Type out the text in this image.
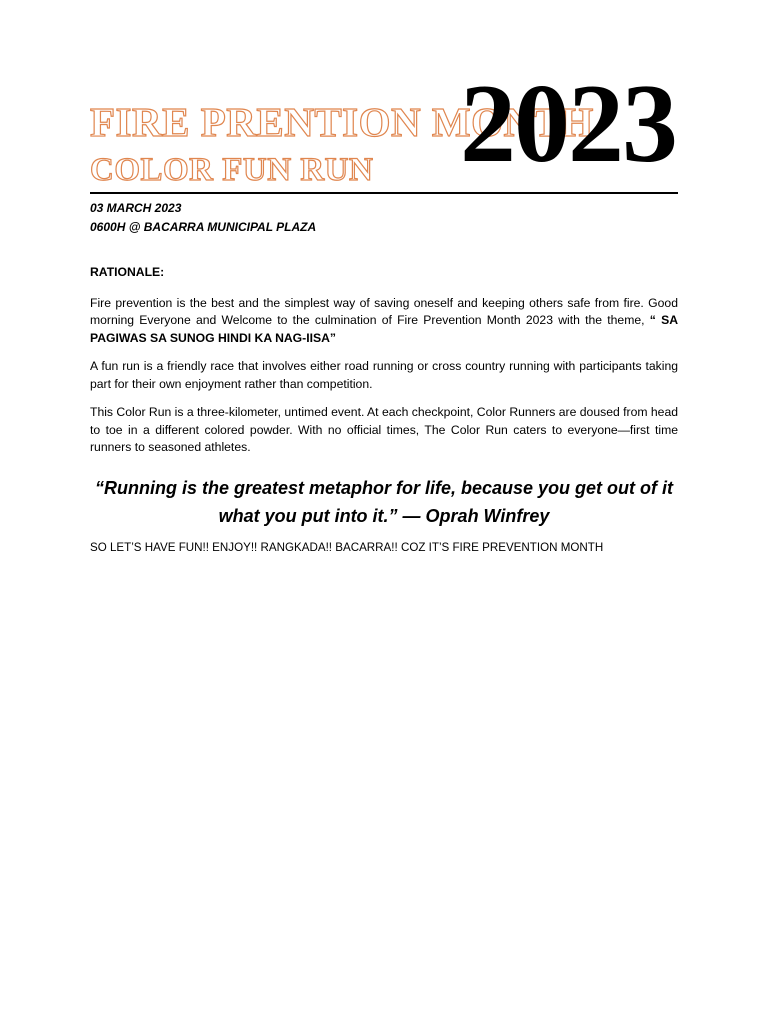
FIRE PRENTION MONTH
COLOR FUN RUN 2023
03 MARCH 2023
0600H @ BACARRA MUNICIPAL PLAZA

RATIONALE:

Fire prevention is the best and the simplest way of saving oneself and keeping others safe from fire. Good morning Everyone and Welcome to the culmination of Fire Prevention Month 2023 with the theme, “ SA PAGIWAS SA SUNOG HINDI KA NAG-IISA”

A fun run is a friendly race that involves either road running or cross country running with participants taking part for their own enjoyment rather than competition.

This Color Run is a three-kilometer, untimed event. At each checkpoint, Color Runners are doused from head to toe in a different colored powder. With no official times, The Color Run caters to everyone—first time runners to seasoned athletes.

“Running is the greatest metaphor for life, because you get out of it
what you put into it.” — Oprah Winfrey
SO LET’S HAVE FUN!! ENJOY!! RANGKADA!! BACARRA!! COZ IT’S FIRE PREVENTION MONTH
